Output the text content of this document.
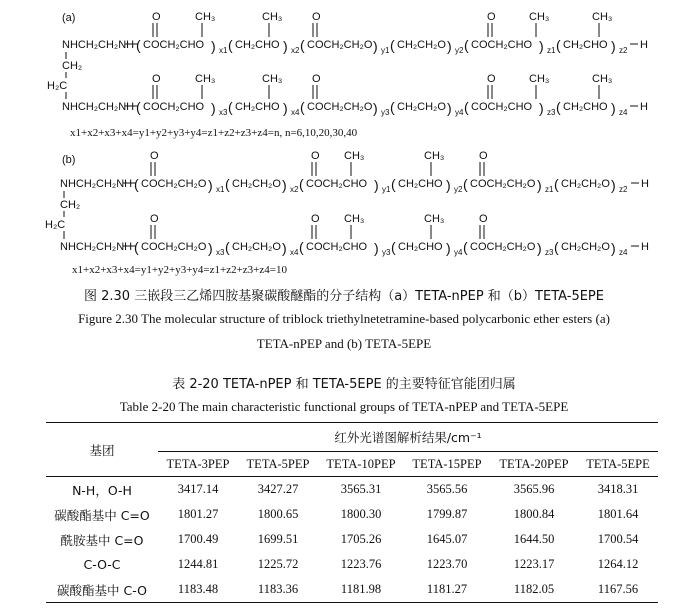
(a)
NHCH₂CH₂NH ( COCH₂CHO ) x1 ( CH₂CHO ) x2 ( COCH₂CH₂O ) y1 ( CH₂CH₂O ) y2 ( COCH₂CHO ) z1 ( CH₂CHO ) z2 H
O	CH₃	CH₃	O	O	CH₃	CH₃
CH₂
H₂C
NHCH₂CH₂NH ( COCH₂CHO ) x3 ( CH₂CHO ) x4 ( COCH₂CH₂O ) y3 ( CH₂CH₂O ) y4 ( COCH₂CHO ) z3 ( CH₂CHO ) z4 H
O	CH₃	CH₃	O	O	CH₃	CH₃
x1+x2+x3+x4=y1+y2+y3+y4=z1+z2+z3+z4=n, n=6,10,20,30,40
(b)
NHCH₂CH₂NH ( COCH₂CH₂O ) x1 ( CH₂CH₂O ) x2 ( COCH₂CHO ) y1 ( CH₂CHO ) y2 ( COCH₂CH₂O ) z1 ( CH₂CH₂O ) z2 H
O	O CH₃	CH₃	O
CH₂
H₂C
NHCH₂CH₂NH ( COCH₂CH₂O ) x3 ( CH₂CH₂O ) x4 ( COCH₂CHO ) y3 ( CH₂CHO ) y4 ( COCH₂CH₂O ) z3 ( CH₂CH₂O ) z4 H
O	O CH₃	CH₃	O
x1+x2+x3+x4=y1+y2+y3+y4=z1+z2+z3+z4=10
图 2.30 三嵌段三乙烯四胺基聚碳酸醚酯的分子结构（a）TETA-nPEP 和（b）TETA-5EPE
Figure 2.30 The molecular structure of triblock triethylnetetramine-based polycarbonic ether esters (a)
TETA-nPEP and (b) TETA-5EPE
表 2-20 TETA-nPEP 和 TETA-5EPE 的主要特征官能团归属
Table 2-20 The main characteristic functional groups of TETA-nPEP and TETA-5EPE
基团	红外光谱图解析结果/cm⁻¹					
	TETA-3PEP	TETA-5PEP	TETA-10PEP	TETA-15PEP	TETA-20PEP	TETA-5EPE
N-H，O-H	3417.14	3427.27	3565.31	3565.56	3565.96	3418.31
碳酸酯基中 C=O	1801.27	1800.65	1800.30	1799.87	1800.84	1801.64
酰胺基中 C=O	1700.49	1699.51	1705.26	1645.07	1644.50	1700.54
C-O-C	1244.81	1225.72	1223.76	1223.70	1223.17	1264.12
碳酸酯基中 C-O	1183.48	1183.36	1181.98	1181.27	1182.05	1167.56
